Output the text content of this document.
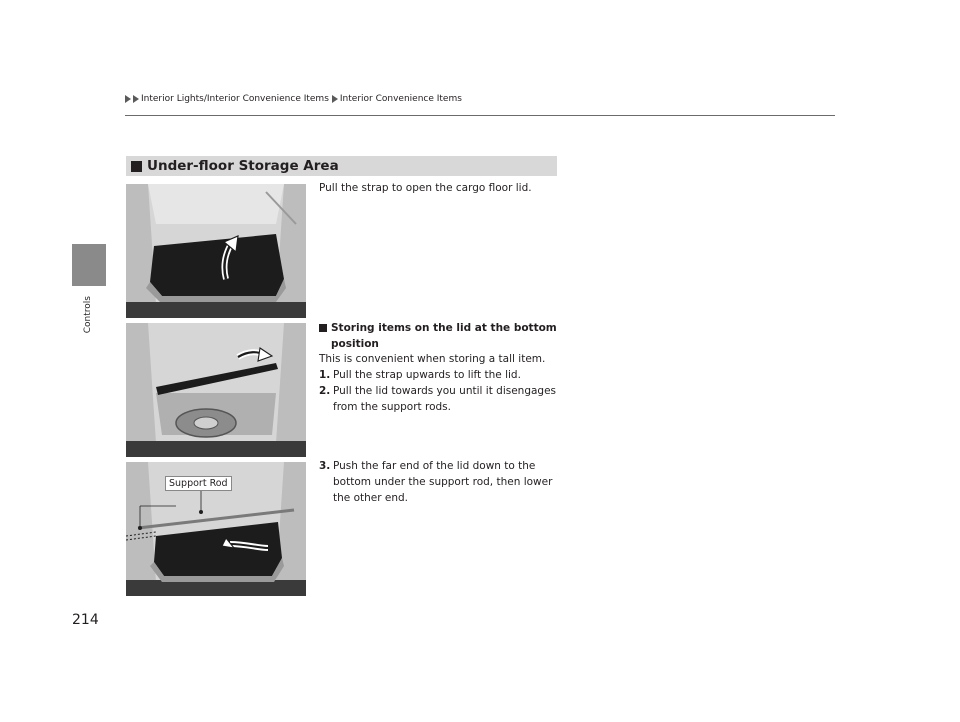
Interior Lights/Interior Convenience Items Interior Convenience Items
Controls
214
Under-floor Storage Area
Support Rod
Pull the strap to open the cargo floor lid.
Storing items on the lid at the bottom position
This is convenient when storing a tall item.
1. Pull the strap upwards to lift the lid.
2. Pull the lid towards you until it disengages from the support rods.
3. Push the far end of the lid down to the bottom under the support rod, then lower the other end.
